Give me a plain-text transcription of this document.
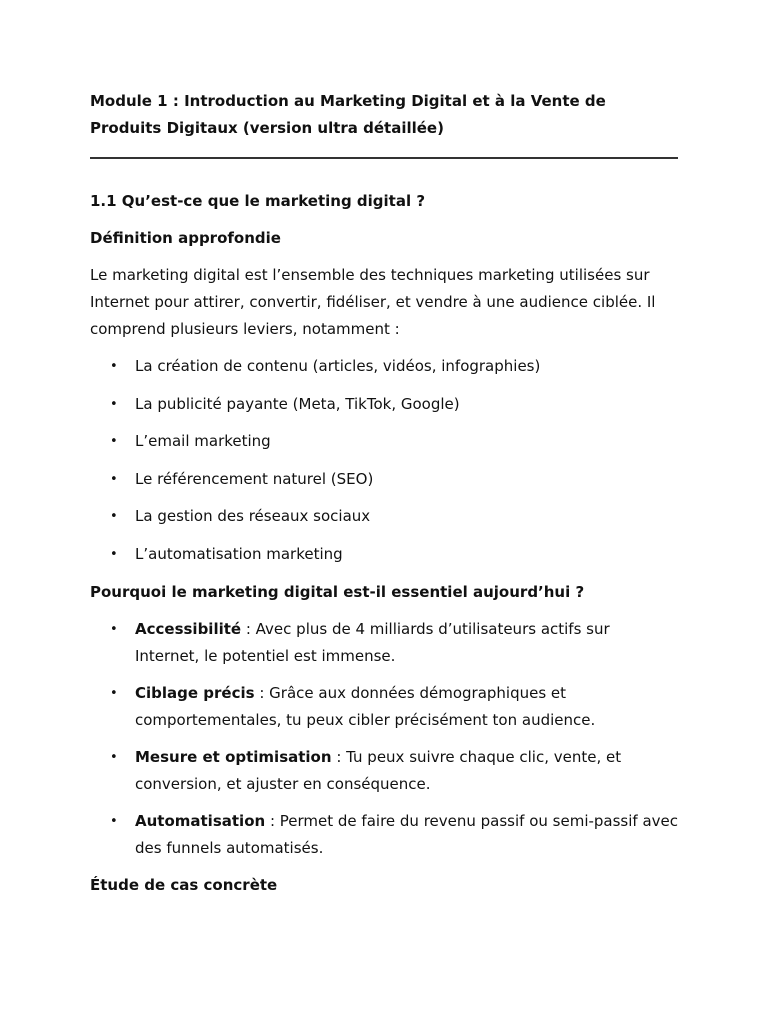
Module 1 : Introduction au Marketing Digital et à la Vente de Produits Digitaux (version ultra détaillée)

1.1 Qu’est-ce que le marketing digital ?

Définition approfondie

Le marketing digital est l’ensemble des techniques marketing utilisées sur Internet pour attirer, convertir, fidéliser, et vendre à une audience ciblée. Il comprend plusieurs leviers, notamment :

• La création de contenu (articles, vidéos, infographies)
• La publicité payante (Meta, TikTok, Google)
• L’email marketing
• Le référencement naturel (SEO)
• La gestion des réseaux sociaux
• L’automatisation marketing

Pourquoi le marketing digital est-il essentiel aujourd’hui ?

• Accessibilité : Avec plus de 4 milliards d’utilisateurs actifs sur Internet, le potentiel est immense.
• Ciblage précis : Grâce aux données démographiques et comportementales, tu peux cibler précisément ton audience.
• Mesure et optimisation : Tu peux suivre chaque clic, vente, et conversion, et ajuster en conséquence.
• Automatisation : Permet de faire du revenu passif ou semi-passif avec des funnels automatisés.

Étude de cas concrète
